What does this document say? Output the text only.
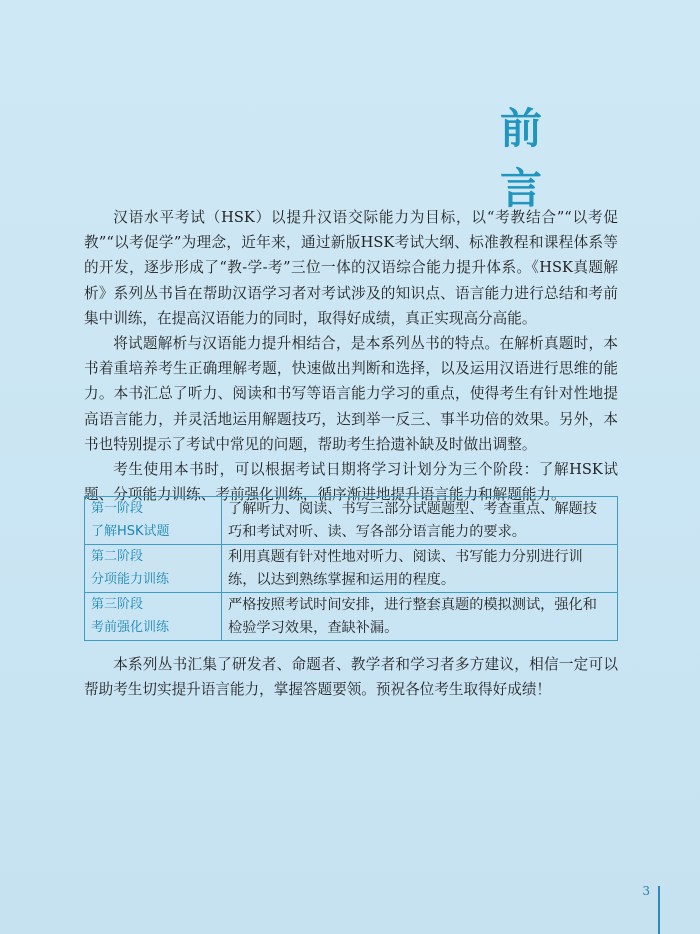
前　言

汉语水平考试（HSK）以提升汉语交际能力为目标，以“考教结合”“以考促教”“以考促学”为理念，近年来，通过新版HSK考试大纲、标准教程和课程体系等的开发，逐步形成了“教-学-考”三位一体的汉语综合能力提升体系。《HSK真题解析》系列丛书旨在帮助汉语学习者对考试涉及的知识点、语言能力进行总结和考前集中训练，在提高汉语能力的同时，取得好成绩，真正实现高分高能。

将试题解析与汉语能力提升相结合，是本系列丛书的特点。在解析真题时，本书着重培养考生正确理解考题，快速做出判断和选择，以及运用汉语进行思维的能力。本书汇总了听力、阅读和书写等语言能力学习的重点，使得考生有针对性地提高语言能力，并灵活地运用解题技巧，达到举一反三、事半功倍的效果。另外，本书也特别提示了考试中常见的问题，帮助考生拾遗补缺及时做出调整。

考生使用本书时，可以根据考试日期将学习计划分为三个阶段：了解HSK试题、分项能力训练、考前强化训练，循序渐进地提升语言能力和解题能力。

第一阶段
了解HSK试题	了解听力、阅读、书写三部分试题题型、考查重点、解题技巧和考试对听、读、写各部分语言能力的要求。

第二阶段
分项能力训练	利用真题有针对性地对听力、阅读、书写能力分别进行训练，以达到熟练掌握和运用的程度。

第三阶段
考前强化训练	严格按照考试时间安排，进行整套真题的模拟测试，强化和检验学习效果，查缺补漏。

本系列丛书汇集了研发者、命题者、教学者和学习者多方建议，相信一定可以帮助考生切实提升语言能力，掌握答题要领。预祝各位考生取得好成绩！

3
